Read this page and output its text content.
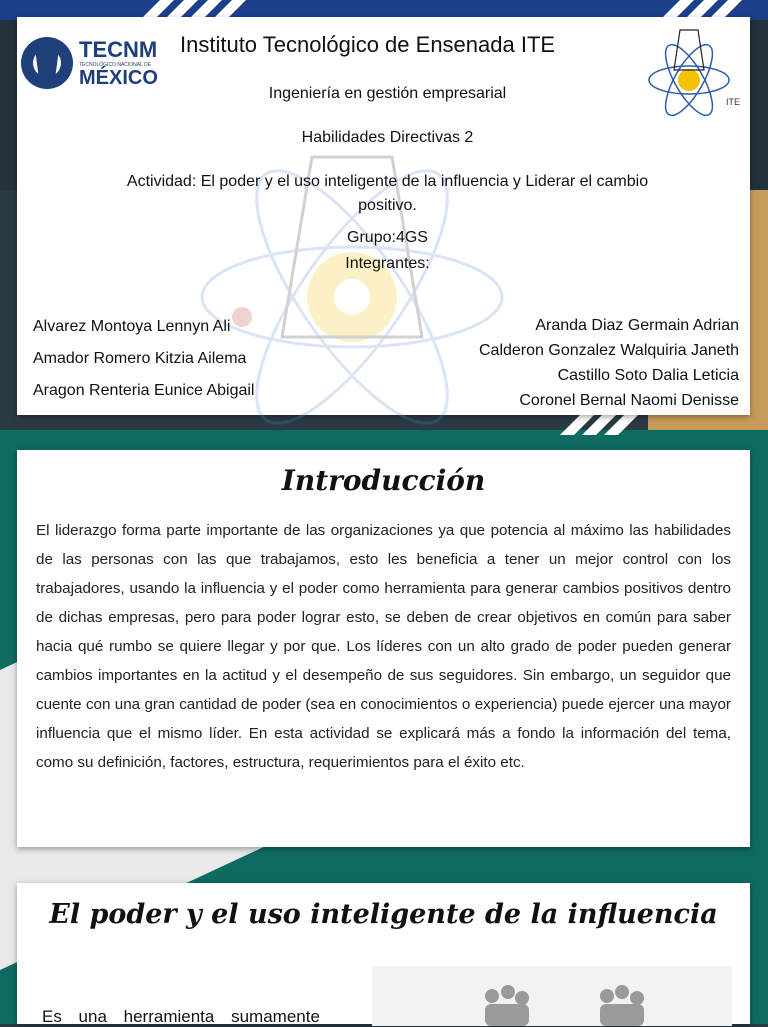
TECNM
TECNOLÓGICO NACIONAL DE
MÉXICO
ITE
Instituto Tecnológico de Ensenada ITE
Ingeniería en gestión empresarial
Habilidades Directivas 2
Actividad: El poder y el uso inteligente de la influencia y Liderar el cambio
positivo.
Grupo:4GS
Integrantes:
Alvarez Montoya Lennyn Ali
Amador Romero Kitzia Ailema
Aragon Renteria Eunice Abigail
Aranda Diaz Germain Adrian
Calderon Gonzalez Walquiria Janeth
Castillo Soto Dalia Leticia
Coronel Bernal Naomi Denisse
Introducción
El liderazgo forma parte importante de las organizaciones ya que potencia al máximo las habilidades de las personas con las que trabajamos, esto les beneficia a tener un mejor control con los trabajadores, usando la influencia y el poder como herramienta para generar cambios positivos dentro de dichas empresas, pero para poder lograr esto, se deben de crear objetivos en común para saber hacia qué rumbo se quiere llegar y por que. Los líderes con un alto grado de poder pueden generar cambios importantes en la actitud y el desempeño de sus seguidores. Sin embargo, un seguidor que cuente con una gran cantidad de poder (sea en conocimientos o experiencia) puede ejercer una mayor influencia que el mismo líder. En esta actividad se explicará más a fondo la información del tema, como su definición, factores, estructura, requerimientos para el éxito etc.
El poder y el uso inteligente de la influencia
Es una herramienta sumamente
